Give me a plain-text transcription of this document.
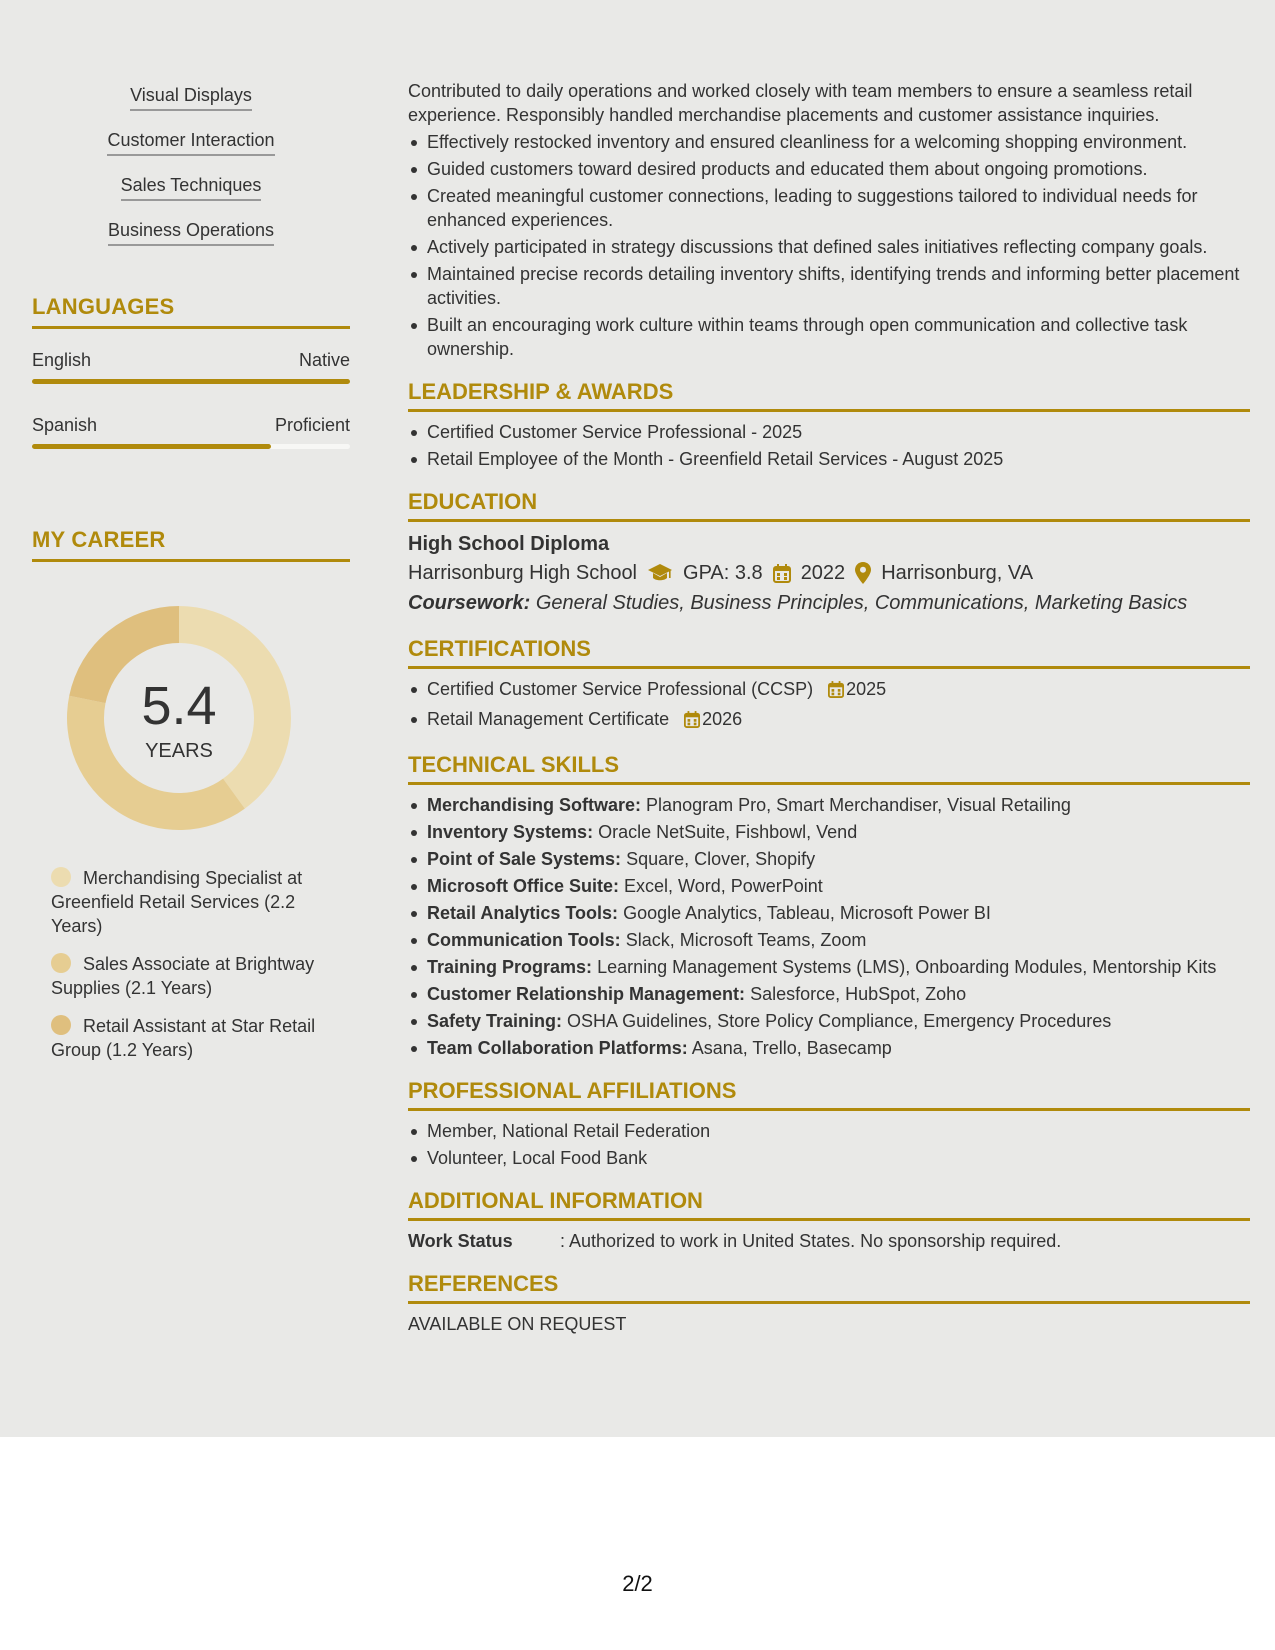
Visual Displays
Customer Interaction
Sales Techniques
Business Operations
LANGUAGES
English	Native
Spanish	Proficient
MY CAREER
5.4
YEARS
Merchandising Specialist at Greenfield Retail Services (2.2 Years)
Sales Associate at Brightway Supplies (2.1 Years)
Retail Assistant at Star Retail Group (1.2 Years)
Contributed to daily operations and worked closely with team members to ensure a seamless retail experience. Responsibly handled merchandise placements and customer assistance inquiries.
Effectively restocked inventory and ensured cleanliness for a welcoming shopping environment.
Guided customers toward desired products and educated them about ongoing promotions.
Created meaningful customer connections, leading to suggestions tailored to individual needs for enhanced experiences.
Actively participated in strategy discussions that defined sales initiatives reflecting company goals.
Maintained precise records detailing inventory shifts, identifying trends and informing better placement activities.
Built an encouraging work culture within teams through open communication and collective task ownership.
LEADERSHIP & AWARDS
Certified Customer Service Professional - 2025
Retail Employee of the Month - Greenfield Retail Services - August 2025
EDUCATION
High School Diploma
Harrisonburg High School GPA: 3.8 2022 Harrisonburg, VA
Coursework: General Studies, Business Principles, Communications, Marketing Basics
CERTIFICATIONS
Certified Customer Service Professional (CCSP) 2025
Retail Management Certificate 2026
TECHNICAL SKILLS
Merchandising Software: Planogram Pro, Smart Merchandiser, Visual Retailing
Inventory Systems: Oracle NetSuite, Fishbowl, Vend
Point of Sale Systems: Square, Clover, Shopify
Microsoft Office Suite: Excel, Word, PowerPoint
Retail Analytics Tools: Google Analytics, Tableau, Microsoft Power BI
Communication Tools: Slack, Microsoft Teams, Zoom
Training Programs: Learning Management Systems (LMS), Onboarding Modules, Mentorship Kits
Customer Relationship Management: Salesforce, HubSpot, Zoho
Safety Training: OSHA Guidelines, Store Policy Compliance, Emergency Procedures
Team Collaboration Platforms: Asana, Trello, Basecamp
PROFESSIONAL AFFILIATIONS
Member, National Retail Federation
Volunteer, Local Food Bank
ADDITIONAL INFORMATION
Work Status	: Authorized to work in United States. No sponsorship required.
REFERENCES
AVAILABLE ON REQUEST
2/2
